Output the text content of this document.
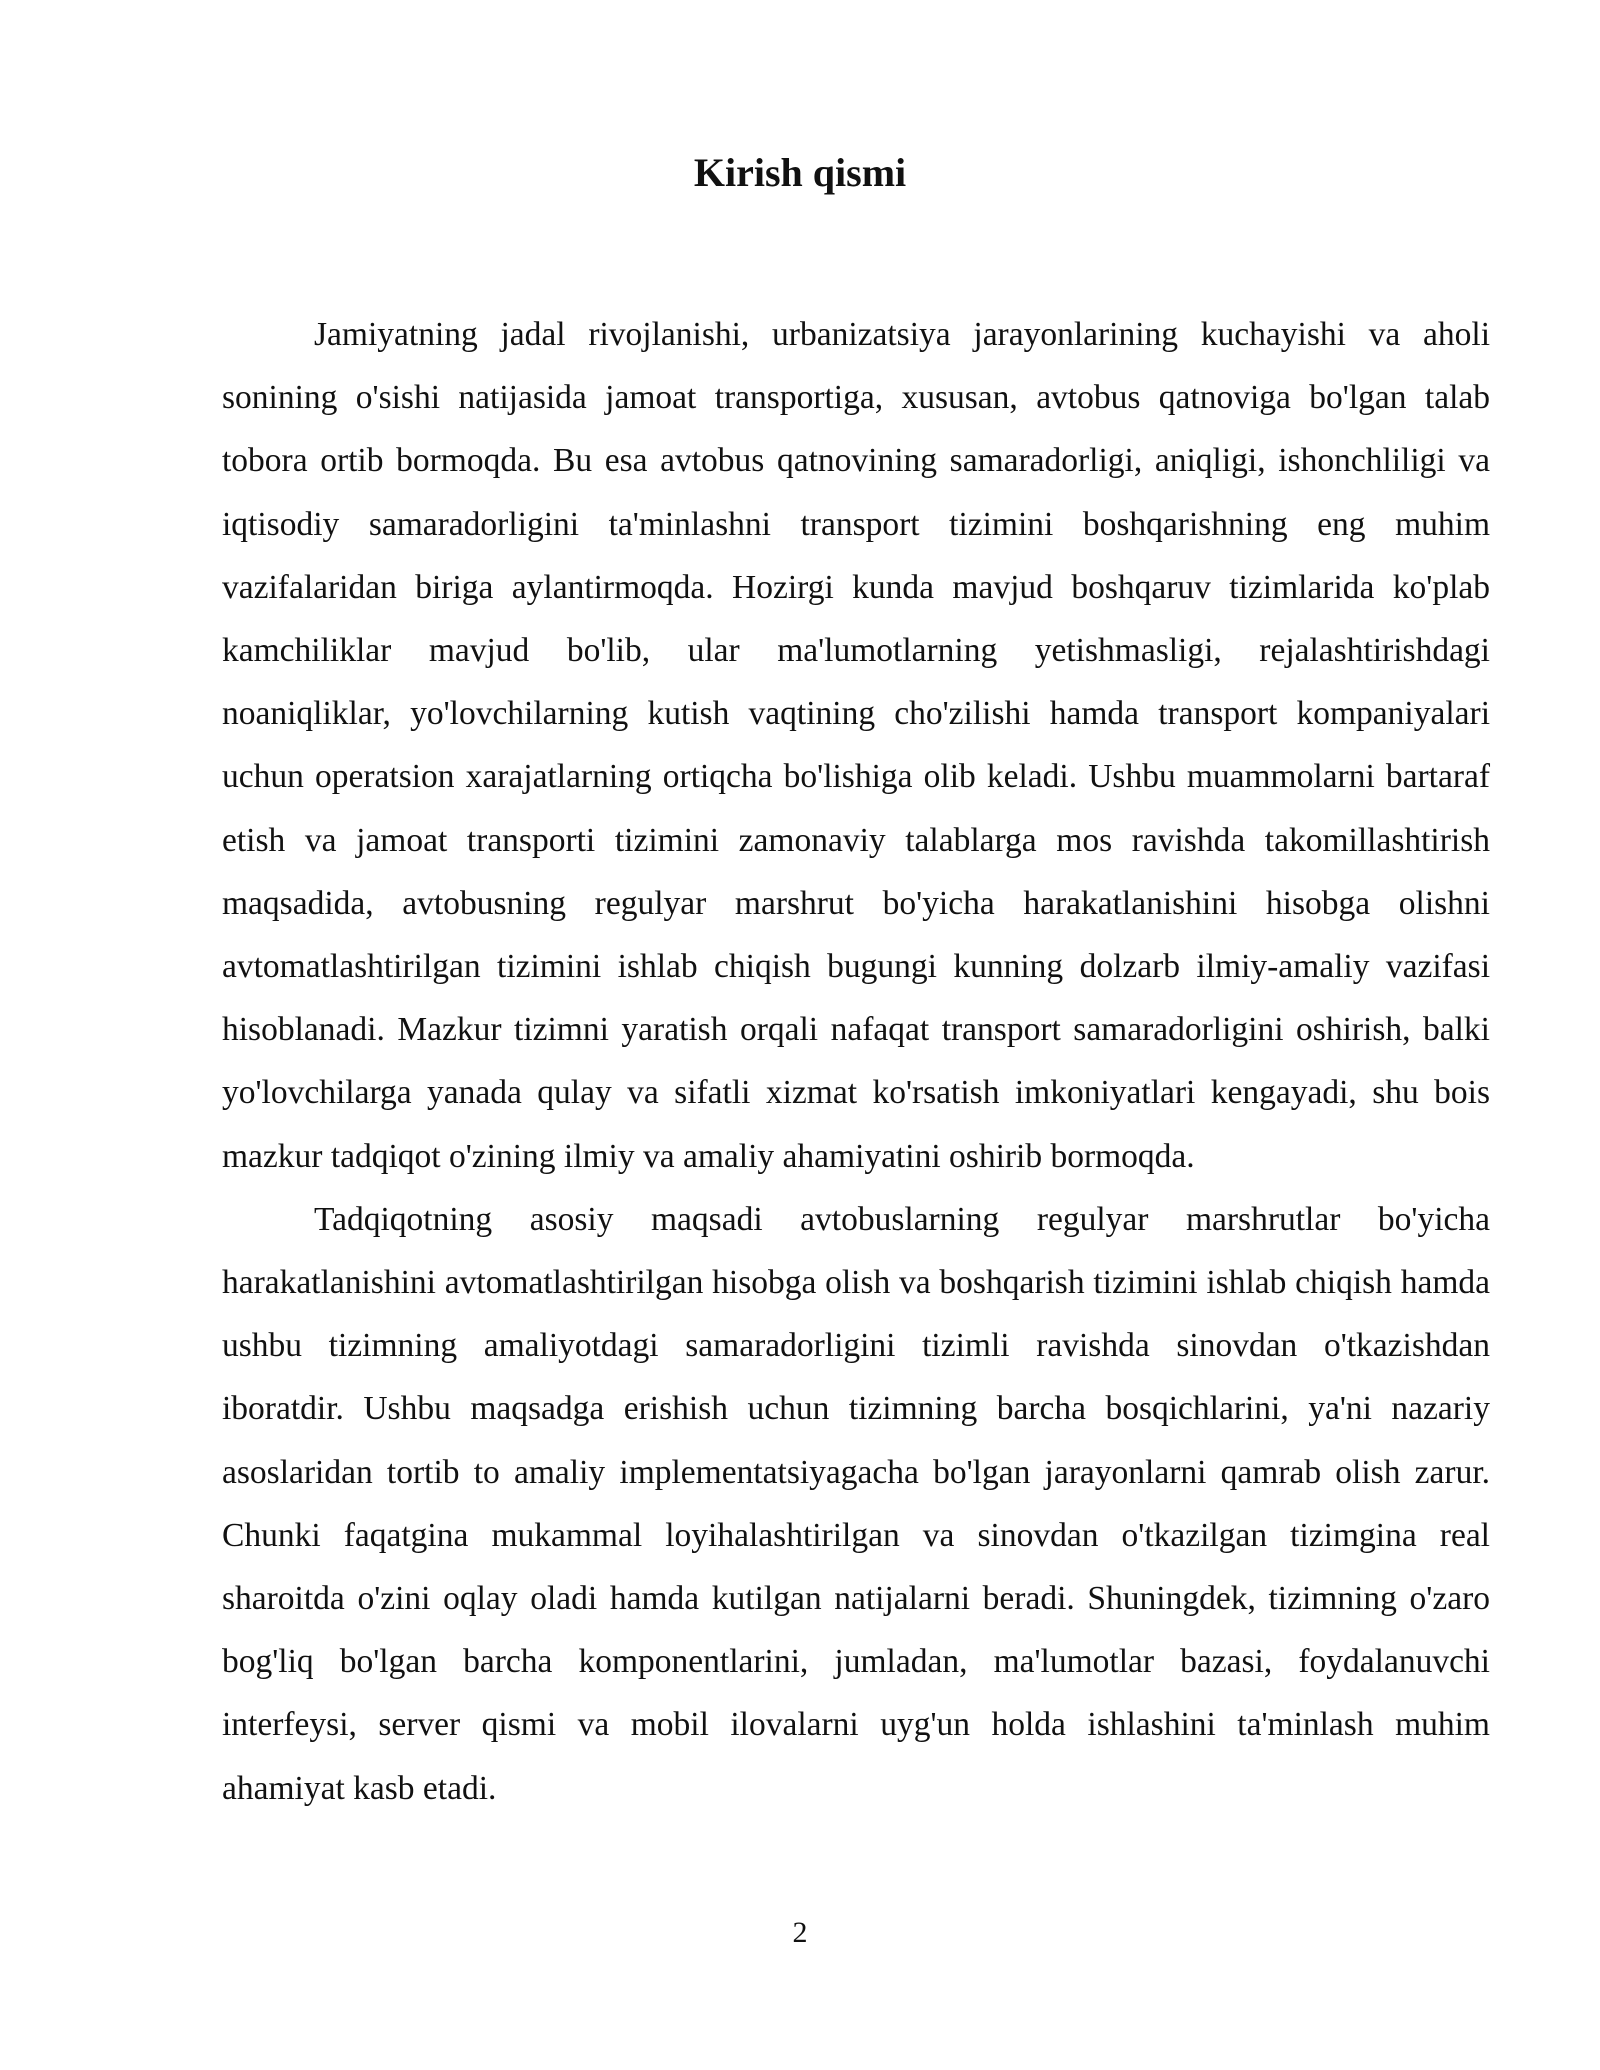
Kirish qismi

Jamiyatning jadal rivojlanishi, urbanizatsiya jarayonlarining kuchayishi va aholi sonining o'sishi natijasida jamoat transportiga, xususan, avtobus qatnoviga bo'lgan talab tobora ortib bormoqda. Bu esa avtobus qatnovining samaradorligi, aniqligi, ishonchliligi va iqtisodiy samaradorligini ta'minlashni transport tizimini boshqarishning eng muhim vazifalaridan biriga aylantirmoqda. Hozirgi kunda mavjud boshqaruv tizimlarida ko'plab kamchiliklar mavjud bo'lib, ular ma'lumotlarning yetishmasligi, rejalashtirishdagi noaniqliklar, yo'lovchilarning kutish vaqtining cho'zilishi hamda transport kompaniyalari uchun operatsion xarajatlarning ortiqcha bo'lishiga olib keladi. Ushbu muammolarni bartaraf etish va jamoat transporti tizimini zamonaviy talablarga mos ravishda takomillashtirish maqsadida, avtobusning regulyar marshrut bo'yicha harakatlanishini hisobga olishni avtomatlashtirilgan tizimini ishlab chiqish bugungi kunning dolzarb ilmiy-amaliy vazifasi hisoblanadi. Mazkur tizimni yaratish orqali nafaqat transport samaradorligini oshirish, balki yo'lovchilarga yanada qulay va sifatli xizmat ko'rsatish imkoniyatlari kengayadi, shu bois mazkur tadqiqot o'zining ilmiy va amaliy ahamiyatini oshirib bormoqda.

Tadqiqotning asosiy maqsadi avtobuslarning regulyar marshrutlar bo'yicha harakatlanishini avtomatlashtirilgan hisobga olish va boshqarish tizimini ishlab chiqish hamda ushbu tizimning amaliyotdagi samaradorligini tizimli ravishda sinovdan o'tkazishdan iboratdir. Ushbu maqsadga erishish uchun tizimning barcha bosqichlarini, ya'ni nazariy asoslaridan tortib to amaliy implementatsiyagacha bo'lgan jarayonlarni qamrab olish zarur. Chunki faqatgina mukammal loyihalashtirilgan va sinovdan o'tkazilgan tizimgina real sharoitda o'zini oqlay oladi hamda kutilgan natijalarni beradi. Shuningdek, tizimning o'zaro bog'liq bo'lgan barcha komponentlarini, jumladan, ma'lumotlar bazasi, foydalanuvchi interfeysi, server qismi va mobil ilovalarni uyg'un holda ishlashini ta'minlash muhim ahamiyat kasb etadi.

2
